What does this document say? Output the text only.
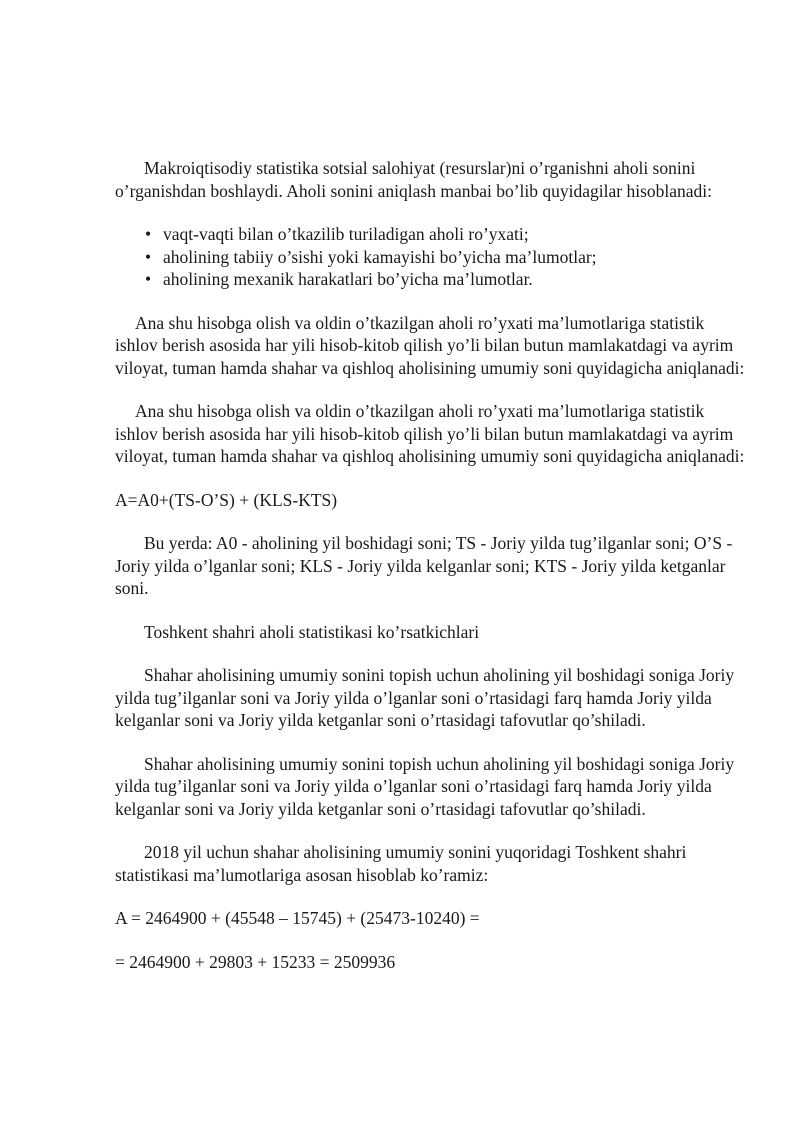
Makroiqtisodiy statistika sotsial salohiyat (resurslar)ni o’rganishni aholi sonini o’rganishdan boshlaydi. Aholi sonini aniqlash manbai bo’lib quyidagilar hisoblanadi:

• vaqt-vaqti bilan o’tkazilib turiladigan aholi ro’yxati;
• aholining tabiiy o’sishi yoki kamayishi bo’yicha ma’lumotlar;
• aholining mexanik harakatlari bo’yicha ma’lumotlar.

Ana shu hisobga olish va oldin o’tkazilgan aholi ro’yxati ma’lumotlariga statistik ishlov berish asosida har yili hisob-kitob qilish yo’li bilan butun mamlakatdagi va ayrim viloyat, tuman hamda shahar va qishloq aholisining umumiy soni quyidagicha aniqlanadi:

Ana shu hisobga olish va oldin o’tkazilgan aholi ro’yxati ma’lumotlariga statistik ishlov berish asosida har yili hisob-kitob qilish yo’li bilan butun mamlakatdagi va ayrim viloyat, tuman hamda shahar va qishloq aholisining umumiy soni quyidagicha aniqlanadi:

A=A0+(TS-O’S) + (KLS-KTS)

Bu yerda: A0 - aholining yil boshidagi soni; TS - Joriy yilda tug’ilganlar soni; O’S - Joriy yilda o’lganlar soni; KLS - Joriy yilda kelganlar soni; KTS - Joriy yilda ketganlar soni.

Toshkent shahri aholi statistikasi ko’rsatkichlari

Shahar aholisining umumiy sonini topish uchun aholining yil boshidagi soniga Joriy yilda tug’ilganlar soni va Joriy yilda o’lganlar soni o’rtasidagi farq hamda Joriy yilda kelganlar soni va Joriy yilda ketganlar soni o’rtasidagi tafovutlar qo’shiladi.

Shahar aholisining umumiy sonini topish uchun aholining yil boshidagi soniga Joriy yilda tug’ilganlar soni va Joriy yilda o’lganlar soni o’rtasidagi farq hamda Joriy yilda kelganlar soni va Joriy yilda ketganlar soni o’rtasidagi tafovutlar qo’shiladi.

2018 yil uchun shahar aholisining umumiy sonini yuqoridagi Toshkent shahri statistikasi ma’lumotlariga asosan hisoblab ko’ramiz:

A = 2464900 + (45548 – 15745) + (25473-10240) =

= 2464900 + 29803 + 15233 = 2509936
